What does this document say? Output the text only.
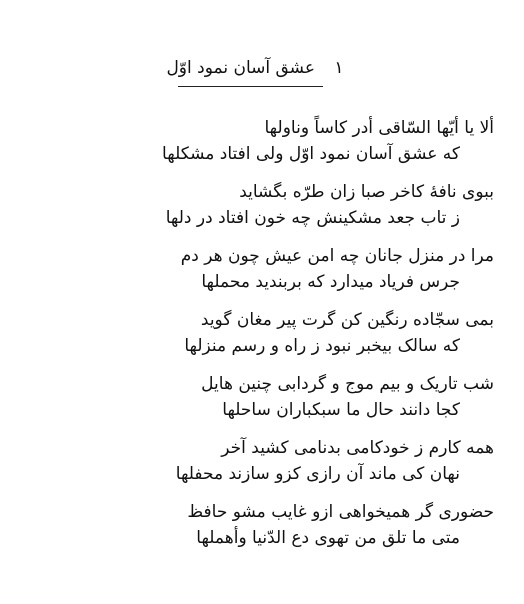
۱ عشق آسان نمود اوّل
ألا یا أیّها السّاقی أدر کاساً وناولها
که عشق آسان نمود اوّل ولی افتاد مشکلها
ببوی نافهٔ کاخر صبا زان طرّه بگشاید
ز تاب جعد مشکینش چه خون افتاد در دلها
مرا در منزل جانان چه امن عیش چون هر دم
جرس فریاد میدارد که بربندید محملها
بمی سجّاده رنگین کن گرت پیر مغان گوید
که سالک بیخبر نبود ز راه و رسم منزلها
شب تاریک و بیم موج و گردابی چنین هایل
کجا دانند حال ما سبکباران ساحلها
همه کارم ز خودکامی بدنامی کشید آخر
نهان کی ماند آن رازی کزو سازند محفلها
حضوری گر همیخواهی ازو غایب مشو حافظ
متی ما تلق من تهوی دع الدّنیا وأهملها
